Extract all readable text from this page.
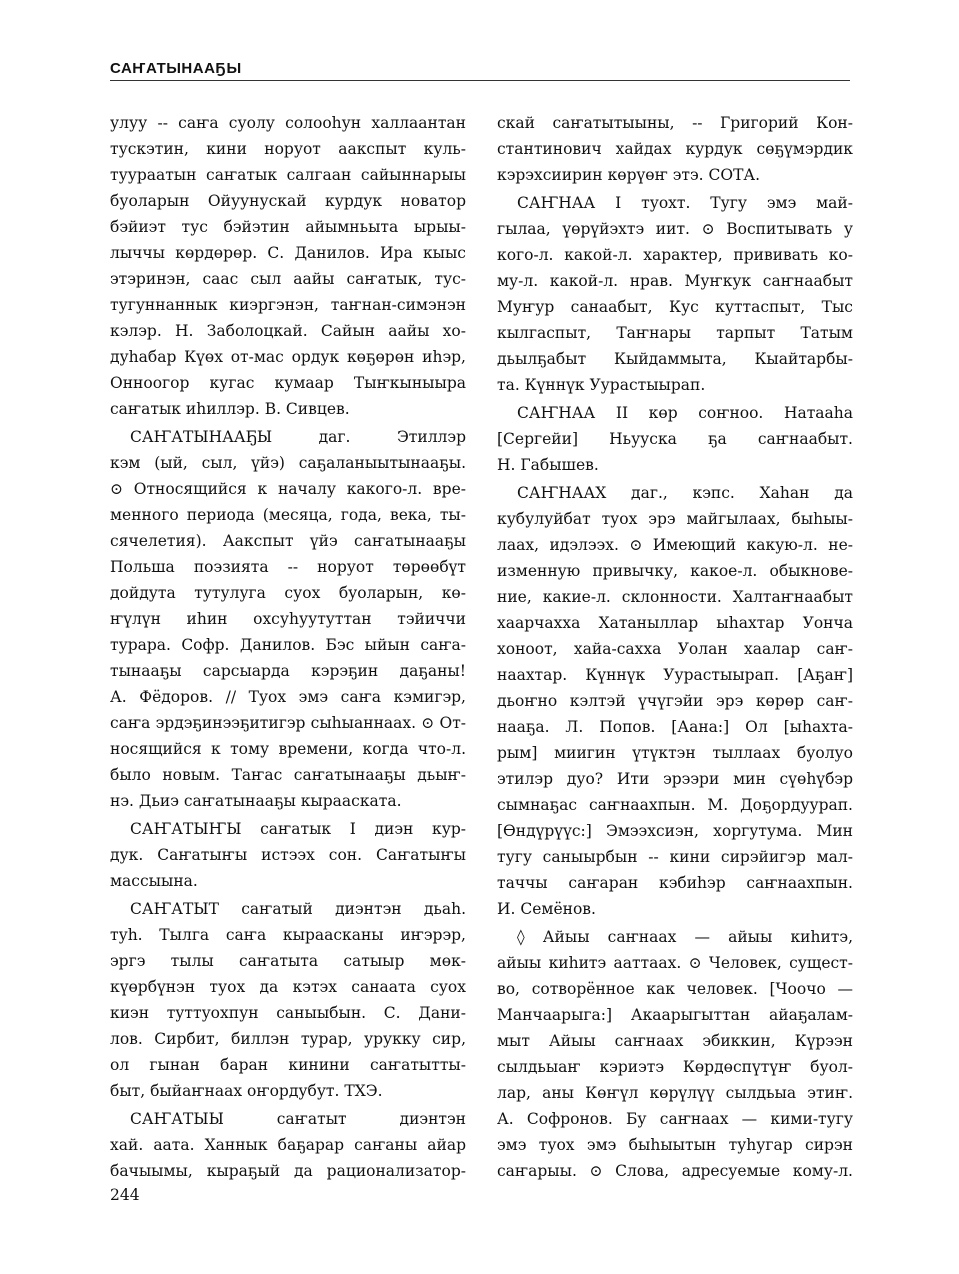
САҤАТЫНААҔЫ
улуу -- саҥа суолу солооһун халлаантан
тускэтин, кини норуот аакспыт куль-
туураатын саҥатык салгаан сайыннарыы
буоларын Ойуунускай курдук новатор
бэйиэт тус бэйэтин айымньыта ырыы-
лыччы көрдөрөр. С. Данилов. Ира кыыс
этэринэн, саас сыл аайы саҥатык, тус-
тугуннаннык киэргэнэн, таҥнан-симэнэн
кэлэр. Н. Заболоцкай. Сайын аайы хо-
дуһабар Күөх от-мас ордук көҕөрөн иһэр,
Онноогор кугас кумаар Тыҥкыныыра
саҥатык иһиллэр. В. Сивцев.
САҤАТЫНААҔЫ даг. Этиллэр
кэм (ый, сыл, үйэ) саҕаланыытынааҕы.
⊙ Относящийся к началу какого-л. вре-
менного периода (месяца, года, века, ты-
сячелетия). Аакспыт үйэ саҥатынааҕы
Польша поэзията -- норуот төрөөбүт
дойдута тутулуга суох буоларын, кө-
ҥүлүн иһин охсуһуутуттан тэйиччи
турара. Софр. Данилов. Бэс ыйын саҥа-
тынааҕы сарсыарда кэрэҕин даҕаны!
А. Фёдоров. // Туох эмэ саҥа кэмигэр,
саҥа эрдэҕинээҕитигэр сыһыаннаах. ⊙ От-
носящийся к тому времени, когда что-л.
было новым. Таҥас саҥатынааҕы дьыҥ-
нэ. Дьиэ саҥатынааҕы кырааската.
САҤАТЫҤЫ саҥатык I диэн кур-
дук. Саҥатыҥы истээх сон. Саҥатыҥы
массыына.
САҤАТЫТ саҥатый диэнтэн дьаһ.
туһ. Тылга саҥа кыраасканы иҥэрэр,
эргэ тылы саҥатыта сатыыр мөк-
күөрбүнэн туох да кэтэх санаата суох
киэн туттуохпун саныыбын. С. Дани-
лов. Сирбит, биллэн турар, урукку сир,
ол гынан баран кинини саҥатытты-
быт, быйаҥнаах оҥордубут. ТХЭ.
САҤАТЫЫ саҥатыт диэнтэн
хай. аата. Ханнык баҕарар саҥаны айар
бачыымы, кыраҕый да рационализатор-
скай саҥатытыыны, -- Григорий Кон-
стантинович хайдах курдук сөҕүмэрдик
кэрэхсиирин көрүөҥ этэ. СОТА.
САҤНАА I туохт. Тугу эмэ май-
гылаа, үөрүйэхтэ иит. ⊙ Воспитывать у
кого-л. какой-л. характер, прививать ко-
му-л. какой-л. нрав. Муҥкук саҥнаабыт
Муҥур санаабыт, Кус куттаспыт, Тыс
кылгаспыт, Таҥнары тарпыт Татым
дьылҕабыт Кыйдаммыта, Кыайтарбы-
та. Күннүк Уурастыырап.
САҤНАА II көр соҥноо. Натааһа
[Сергейи] Ньууска ҕа саҥнаабыт.
Н. Габышев.
САҤНААХ даг., кэпс. Хаһан да
кубулуйбат туох эрэ майгылаах, быһыы-
лаах, идэлээх. ⊙ Имеющий какую-л. не-
изменную привычку, какое-л. обыкнове-
ние, какие-л. склонности. Халтаҥнаабыт
хаарчахха Хатаныллар ыhахтар Уонча
хоноот, хайа-сахха Уолан хаалар саҥ-
наахтар. Күннүк Уурастыырап. [Аҕаҥ]
дьоҥно кэлтэй үчүгэйи эрэ көрөр саҥ-
нааҕа. Л. Попов. [Аана:] Ол [ыhахта-
рым] миигин үтүктэн тыллаах буолуо
этилэр дуо? Ити эрээри мин сүөһүбэр
сымнаҕас саҥнаахпын. М. Доҕордуурап.
[Өндүрүүс:] Эмээхсиэн, хоргутума. Мин
тугу саныырбын -- кини сирэйигэр мал-
таччы саҥаран кэбиһэр саҥнаахпын.
И. Семёнов.
◊ Айыы саҥнаах — айыы киһитэ,
айыы киһитэ ааттаах. ⊙ Человек, сущест-
во, сотворённое как человек. [Чоочо —
Манчаарыга:] Акаарыгыттан айаҕалам-
мыт Айыы саҥнаах эбиккин, Күрээн
сылдьыаҥ кэриэтэ Көрдөспүтүҥ буол-
лар, аны Көҥүл көрүлүү сылдьыа этиҥ.
А. Софронов. Бу саҥнаах — кими-тугу
эмэ туох эмэ быһыытын туһугар сирэн
саҥарыы. ⊙ Слова, адресуемые кому-л.
244
